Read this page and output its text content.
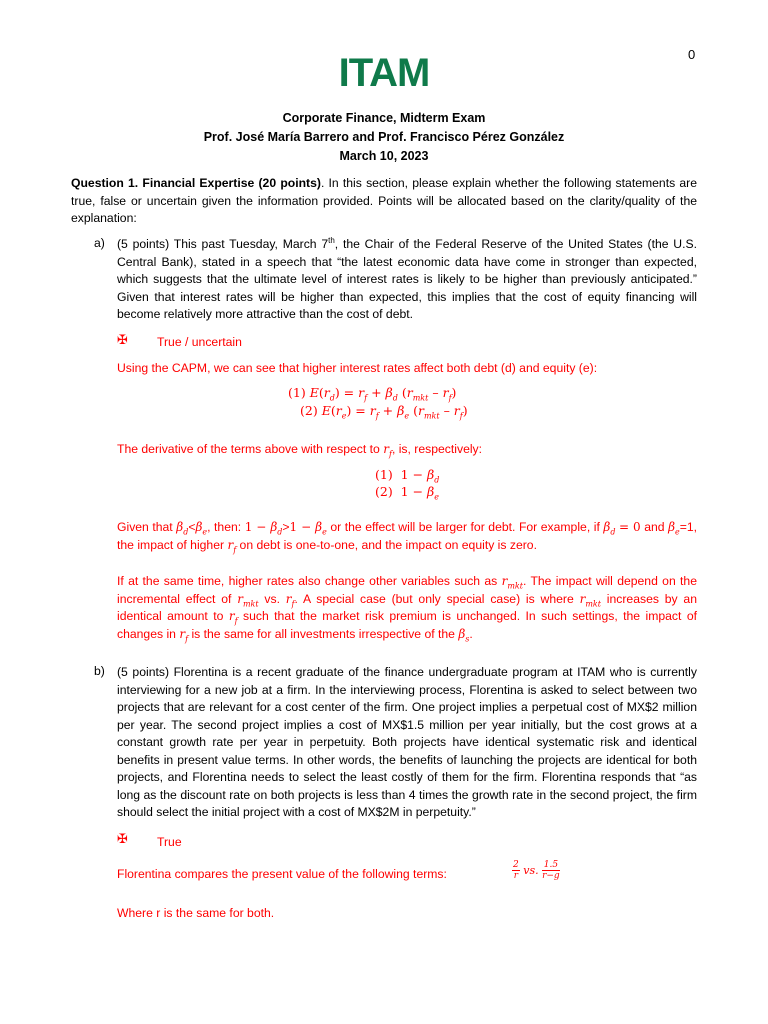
0
ITAM
Corporate Finance, Midterm Exam
Prof. José María Barrero and Prof. Francisco Pérez González
March 10, 2023
Question 1. Financial Expertise (20 points). In this section, please explain whether the following statements are true, false or uncertain given the information provided. Points will be allocated based on the clarity/quality of the explanation:
a) (5 points) This past Tuesday, March 7th, the Chair of the Federal Reserve of the United States (the U.S. Central Bank), stated in a speech that “the latest economic data have come in stronger than expected, which suggests that the ultimate level of interest rates is likely to be higher than previously anticipated.” Given that interest rates will be higher than expected, this implies that the cost of equity financing will become relatively more attractive than the cost of debt.
✠ True / uncertain
Using the CAPM, we can see that higher interest rates affect both debt (d) and equity (e):
(1) $E(r_d) = r_f + \beta_d$ $(r_{mkt} - r_f)$
(2) $E(r_e) = r_f + \beta_e$ $(r_{mkt} - r_f)$
The derivative of the terms above with respect to $r_f$, is, respectively:
(1)  $1 - \beta_d$
(2)  $1 - \beta_e$
Given that $\beta_d<\beta_e$, then: $1 - \beta_d>1 - \beta_e$ or the effect will be larger for debt. For example, if $\beta_d = 0$ and $\beta_e=1$, the impact of higher $r_f$ on debt is one-to-one, and the impact on equity is zero.
If at the same time, higher rates also change other variables such as $r_{mkt}$. The impact will depend on the incremental effect of $r_{mkt}$ vs. $r_f$. A special case (but only special case) is where $r_{mkt}$ increases by an identical amount to $r_f$ such that the market risk premium is unchanged. In such settings, the impact of changes in $r_f$ is the same for all investments irrespective of the $\beta_s$.
b) (5 points) Florentina is a recent graduate of the finance undergraduate program at ITAM who is currently interviewing for a new job at a firm. In the interviewing process, Florentina is asked to select between two projects that are relevant for a cost center of the firm. One project implies a perpetual cost of MX$2 million per year. The second project implies a cost of MX$1.5 million per year initially, but the cost grows at a constant growth rate per year in perpetuity. Both projects have identical systematic risk and identical benefits in present value terms. In other words, the benefits of launching the projects are identical for both projects, and Florentina needs to select the least costly of them for the firm. Florentina responds that “as long as the discount rate on both projects is less than 4 times the growth rate in the second project, the firm should select the initial project with a cost of MX$2M in perpetuity.”
✠ True
Florentina compares the present value of the following terms:	$\frac{2}{r}$ vs. $\frac{1.5}{r-g}$
Where r is the same for both.
